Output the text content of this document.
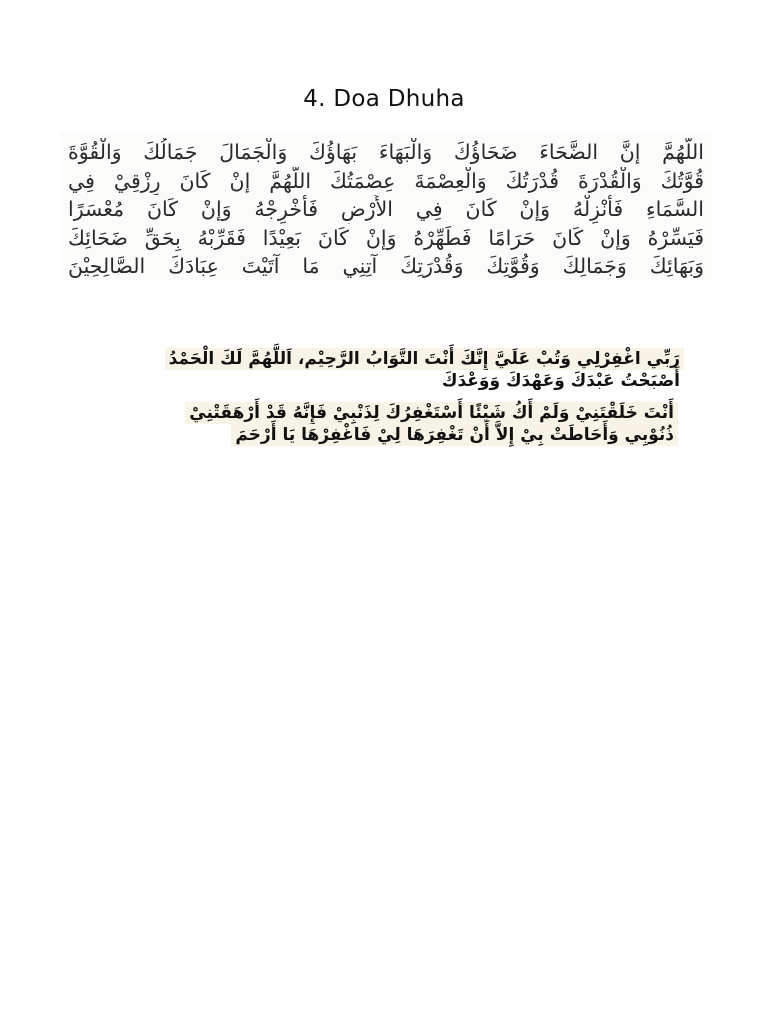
4. Doa Dhuha
اللّهُمَّ إنَّ الضَّحَاءَ ضَحَاؤُكَ وَالْبَهَاءَ بَهَاؤُكَ وَالْجَمَالَ جَمَالُكَ وَالْقُوَّةَ
قُوَّتُكَ وَالْقُدْرَةَ قُدْرَتُكَ وَالْعِصْمَةَ عِصْمَتُكَ اللّهُمَّ إنْ كَانَ رِزْقِيْ فِي
السَّمَاءِ فَأنْزِلْهُ وَإنْ كَانَ فِي الأَرْضِ فَأَخْرِجْهُ وَإنْ كَانَ مُعْسَرًا
فَيَسِّرْهُ وَإنْ كَانَ حَرَامًا فَطَهِّرْهُ وَإنْ كَانَ بَعِيْدًا فَقَرِّبْهُ بِحَقِّ ضَحَائِكَ
وَبَهَائِكَ وَجَمَالِكَ وَقُوَّتِكَ وَقُدْرَتِكَ آتِنِي مَا آتَيْتَ عِبَادَكَ الصَّالِحِيْنَ
رَبِّي اغْفِرْلِي وَتُبْ عَلَيَّ إِنَّكَ أَنْتَ التَّوَابُ الرَّحِيْم، اَللَّهُمَّ لَكَ الْحَمْدُ
أَصْبَحْتُ عَبْدَكَ وَعَهْدَكَ وَوَعْدَكَ
أَنْتَ خَلَقْتَنِيْ وَلَمْ أَكُ شَيْئًا أَسْتَغْفِرُكَ لِذَنْبِيْ فَإِنَّهُ قَدْ أَرْهَقَتْنِيْ
ذُنُوْبِي وَأَحَاطَتْ بِيْ إِلاَّ أَنْ تَغْفِرَهَا لِيْ فَاغْفِرْهَا يَا أَرْحَمَ
